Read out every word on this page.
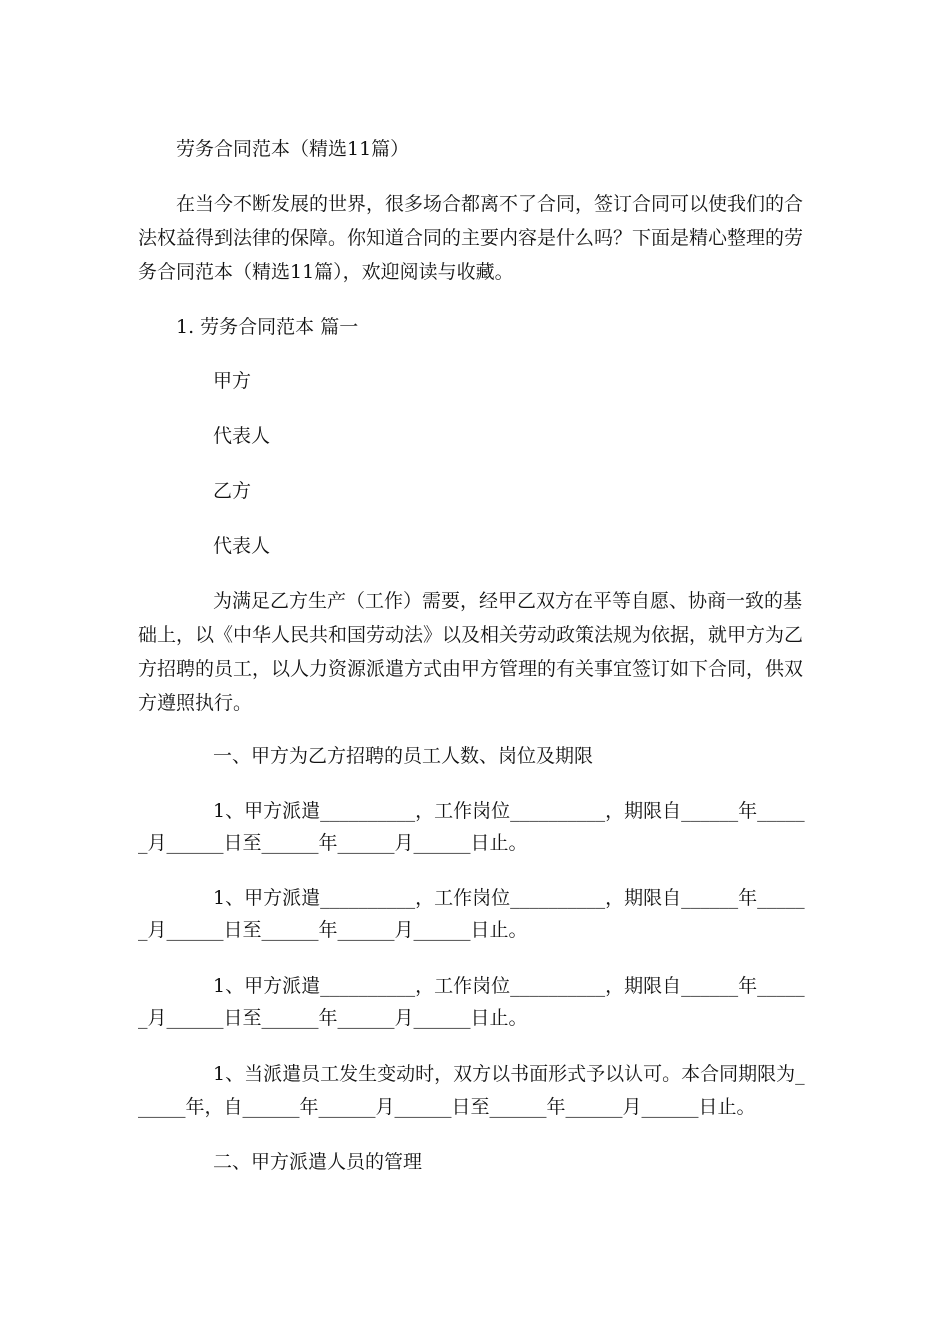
劳务合同范本（精选11篇）
在当今不断发展的世界，很多场合都离不了合同，签订合同可以使我们的合
法权益得到法律的保障。你知道合同的主要内容是什么吗？下面是精心整理的劳
务合同范本（精选11篇），欢迎阅读与收藏。
1. 劳务合同范本 篇一
甲方
代表人
乙方
代表人
为满足乙方生产（工作）需要，经甲乙双方在平等自愿、协商一致的基
础上，以《中华人民共和国劳动法》以及相关劳动政策法规为依据，就甲方为乙
方招聘的员工，以人力资源派遣方式由甲方管理的有关事宜签订如下合同，供双
方遵照执行。
一、甲方为乙方招聘的员工人数、岗位及期限
1、甲方派遣__________，工作岗位__________，期限自______年_____
_月______日至______年______月______日止。
1、甲方派遣__________，工作岗位__________，期限自______年_____
_月______日至______年______月______日止。
1、甲方派遣__________，工作岗位__________，期限自______年_____
_月______日至______年______月______日止。
1、当派遣员工发生变动时，双方以书面形式予以认可。本合同期限为_
_____年，自______年______月______日至______年______月______日止。
二、甲方派遣人员的管理
